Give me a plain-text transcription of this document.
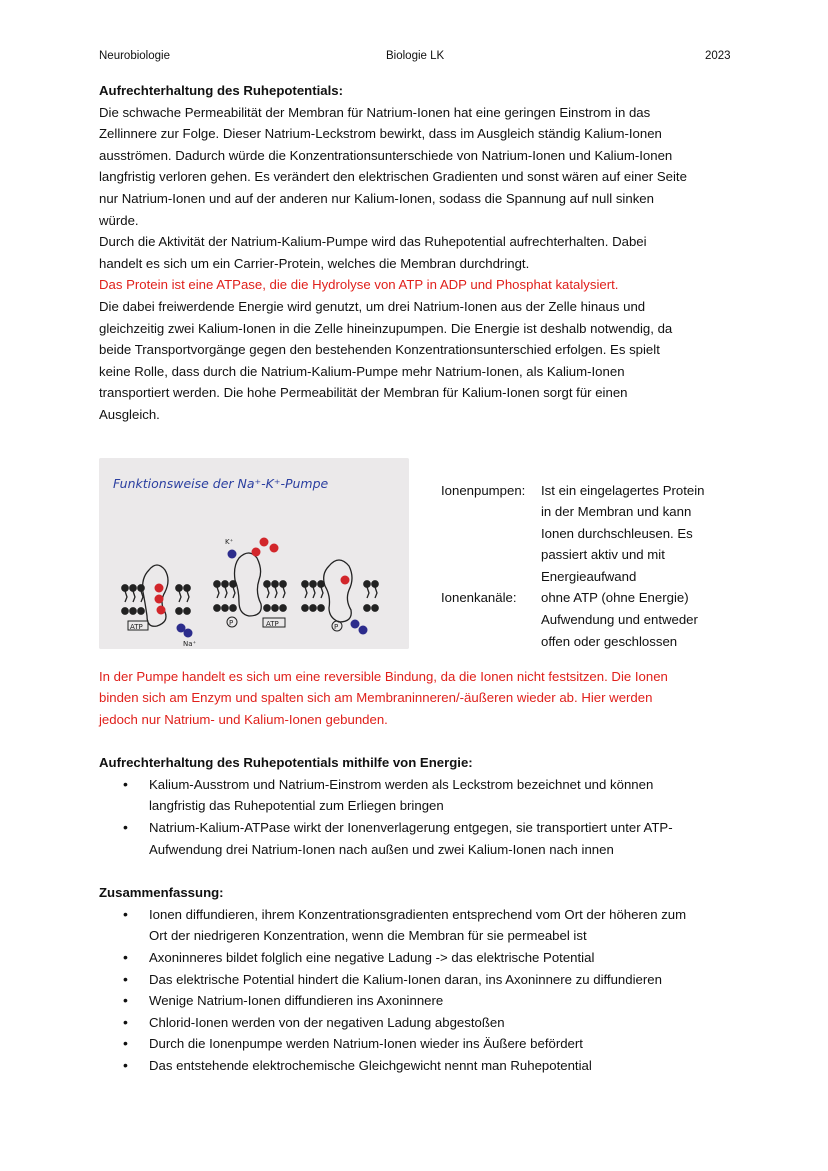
Neurobiologie	Biologie LK	2023

Aufrechterhaltung des Ruhepotentials:

Die schwache Permeabilität der Membran für Natrium-Ionen hat eine geringen Einstrom in das

Zellinnere zur Folge. Dieser Natrium-Leckstrom bewirkt, dass im Ausgleich ständig Kalium-Ionen

ausströmen. Dadurch würde die Konzentrationsunterschiede von Natrium-Ionen und Kalium-Ionen

langfristig verloren gehen. Es verändert den elektrischen Gradienten und sonst wären auf einer Seite

nur Natrium-Ionen und auf der anderen nur Kalium-Ionen, sodass die Spannung auf null sinken

würde.

Durch die Aktivität der Natrium-Kalium-Pumpe wird das Ruhepotential aufrechterhalten. Dabei

handelt es sich um ein Carrier-Protein, welches die Membran durchdringt.

Das Protein ist eine ATPase, die die Hydrolyse von ATP in ADP und Phosphat katalysiert.

Die dabei freiwerdende Energie wird genutzt, um drei Natrium-Ionen aus der Zelle hinaus und

gleichzeitig zwei Kalium-Ionen in die Zelle hineinzupumpen. Die Energie ist deshalb notwendig, da

beide Transportvorgänge gegen den bestehenden Konzentrationsunterschied erfolgen. Es spielt

keine Rolle, dass durch die Natrium-Kalium-Pumpe mehr Natrium-Ionen, als Kalium-Ionen

transportiert werden. Die hohe Permeabilität der Membran für Kalium-Ionen sorgt für einen

Ausgleich.

Funktionsweise der Na⁺-K⁺-Pumpe
K⁺
Na⁺
ATP	ATP
P	P
Ionenpumpen:	Ist ein eingelagertes Protein
in der Membran und kann
Ionen durchschleusen. Es
passiert aktiv und mit
Energieaufwand

Ionenkanäle:	ohne ATP (ohne Energie)
Aufwendung und entweder
offen oder geschlossen

In der Pumpe handelt es sich um eine reversible Bindung, da die Ionen nicht festsitzen. Die Ionen

binden sich am Enzym und spalten sich am Membraninneren/-äußeren wieder ab. Hier werden

jedoch nur Natrium- und Kalium-Ionen gebunden.

Aufrechterhaltung des Ruhepotentials mithilfe von Energie:

• Kalium-Ausstrom und Natrium-Einstrom werden als Leckstrom bezeichnet und können
langfristig das Ruhepotential zum Erliegen bringen
• Natrium-Kalium-ATPase wirkt der Ionenverlagerung entgegen, sie transportiert unter ATP-
Aufwendung drei Natrium-Ionen nach außen und zwei Kalium-Ionen nach innen

Zusammenfassung:

• Ionen diffundieren, ihrem Konzentrationsgradienten entsprechend vom Ort der höheren zum
Ort der niedrigeren Konzentration, wenn die Membran für sie permeabel ist
• Axoninneres bildet folglich eine negative Ladung -> das elektrische Potential
• Das elektrische Potential hindert die Kalium-Ionen daran, ins Axoninnere zu diffundieren
• Wenige Natrium-Ionen diffundieren ins Axoninnere
• Chlorid-Ionen werden von der negativen Ladung abgestoßen
• Durch die Ionenpumpe werden Natrium-Ionen wieder ins Äußere befördert
• Das entstehende elektrochemische Gleichgewicht nennt man Ruhepotential
